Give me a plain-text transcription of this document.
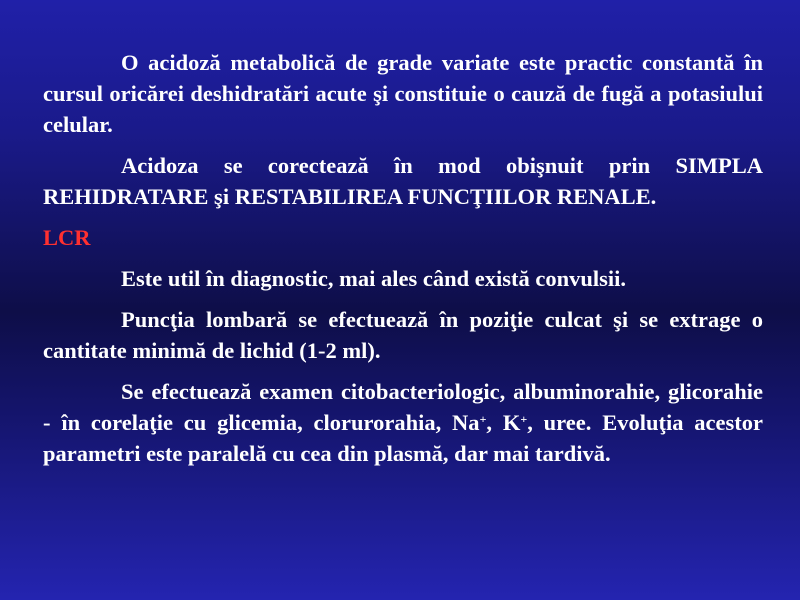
O acidoză metabolică de grade variate este practic constantă în cursul oricărei deshidratări acute şi constituie o cauză de fugă a potasiului celular.

Acidoza se corectează în mod obişnuit prin SIMPLA REHIDRATARE şi RESTABILIREA FUNCŢIILOR RENALE.

LCR

Este util în diagnostic, mai ales când există convulsii.

Puncţia lombară se efectuează în poziţie culcat şi se extrage o cantitate minimă de lichid (1-2 ml).

Se efectuează examen citobacteriologic, albuminorahie, glicorahie - în corelaţie cu glicemia, clorurorahia, Na+, K+, uree. Evoluţia acestor parametri este paralelă cu cea din plasmă, dar mai tardivă.
